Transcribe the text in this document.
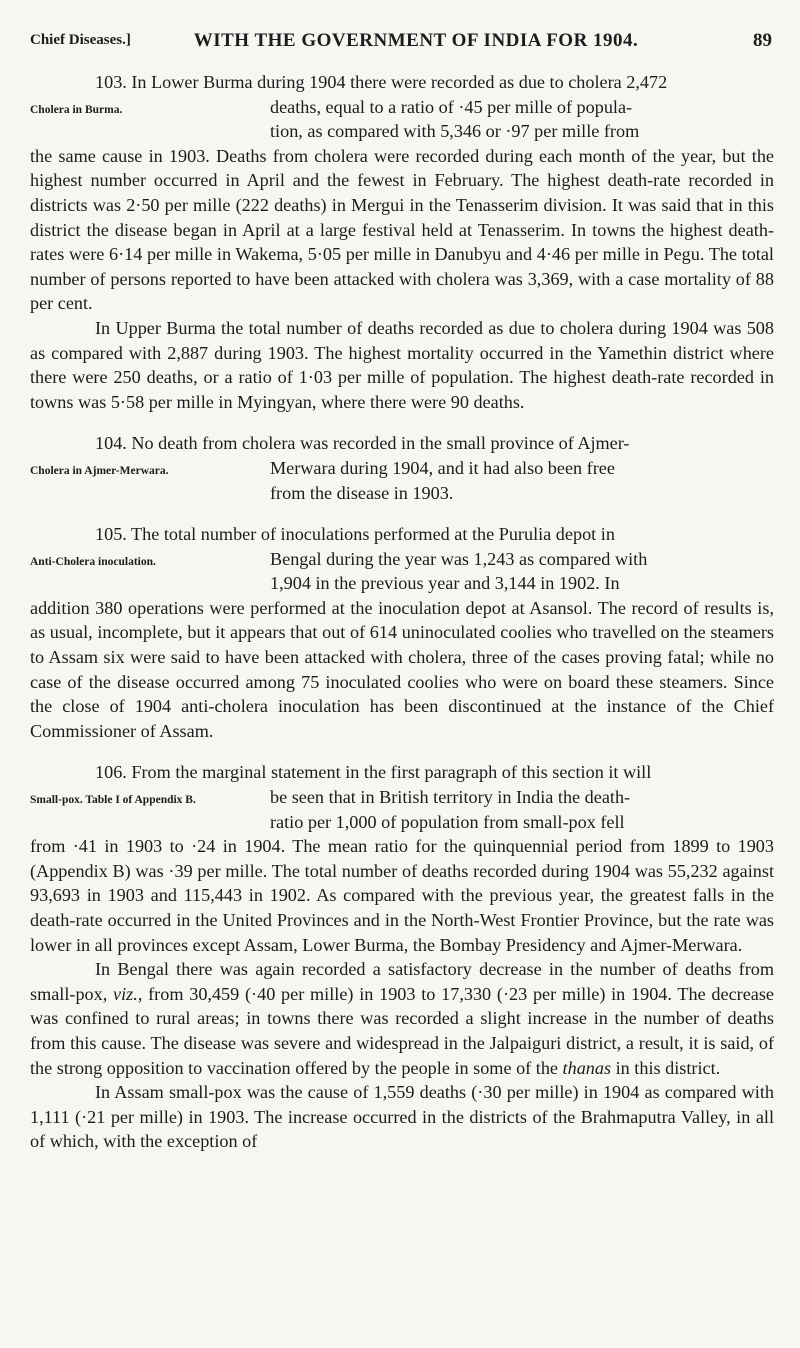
Chief Diseases.]	WITH THE GOVERNMENT OF INDIA FOR 1904.	89

103. In Lower Burma during 1904 there were recorded as due to cholera 2,472

Cholera in Burma.	deaths, equal to a ratio of ·45 per mille of popula-

tion, as compared with 5,346 or ·97 per mille from

the same cause in 1903. Deaths from cholera were recorded during each month of the year, but the highest number occurred in April and the fewest in February. The highest death-rate recorded in districts was 2·50 per mille (222 deaths) in Mergui in the Tenasserim division. It was said that in this district the disease began in April at a large festival held at Tenasserim. In towns the highest death-rates were 6·14 per mille in Wakema, 5·05 per mille in Danubyu and 4·46 per mille in Pegu. The total number of persons reported to have been attacked with cholera was 3,369, with a case mortality of 88 per cent.

In Upper Burma the total number of deaths recorded as due to cholera during 1904 was 508 as compared with 2,887 during 1903. The highest mortality occurred in the Yamethin district where there were 250 deaths, or a ratio of 1·03 per mille of population. The highest death-rate recorded in towns was 5·58 per mille in Myingyan, where there were 90 deaths.

104. No death from cholera was recorded in the small province of Ajmer-

Cholera in Ajmer-Merwara.	Merwara during 1904, and it had also been free

from the disease in 1903.

105. The total number of inoculations performed at the Purulia depot in

Anti-Cholera inoculation.	Bengal during the year was 1,243 as compared with

1,904 in the previous year and 3,144 in 1902. In

addition 380 operations were performed at the inoculation depot at Asansol. The record of results is, as usual, incomplete, but it appears that out of 614 uninoculated coolies who travelled on the steamers to Assam six were said to have been attacked with cholera, three of the cases proving fatal; while no case of the disease occurred among 75 inoculated coolies who were on board these steamers. Since the close of 1904 anti-cholera inoculation has been discontinued at the instance of the Chief Commissioner of Assam.

106. From the marginal statement in the first paragraph of this section it will

Small-pox. Table I of Appendix B.	be seen that in British territory in India the death-

ratio per 1,000 of population from small-pox fell

from ·41 in 1903 to ·24 in 1904. The mean ratio for the quinquennial period from 1899 to 1903 (Appendix B) was ·39 per mille. The total number of deaths recorded during 1904 was 55,232 against 93,693 in 1903 and 115,443 in 1902. As compared with the previous year, the greatest falls in the death-rate occurred in the United Provinces and in the North-West Frontier Province, but the rate was lower in all provinces except Assam, Lower Burma, the Bombay Presidency and Ajmer-Merwara.

In Bengal there was again recorded a satisfactory decrease in the number of deaths from small-pox, viz., from 30,459 (·40 per mille) in 1903 to 17,330 (·23 per mille) in 1904. The decrease was confined to rural areas; in towns there was recorded a slight increase in the number of deaths from this cause. The disease was severe and widespread in the Jalpaiguri district, a result, it is said, of the strong opposition to vaccination offered by the people in some of the thanas in this district.

In Assam small-pox was the cause of 1,559 deaths (·30 per mille) in 1904 as compared with 1,111 (·21 per mille) in 1903. The increase occurred in the districts of the Brahmaputra Valley, in all of which, with the exception of
